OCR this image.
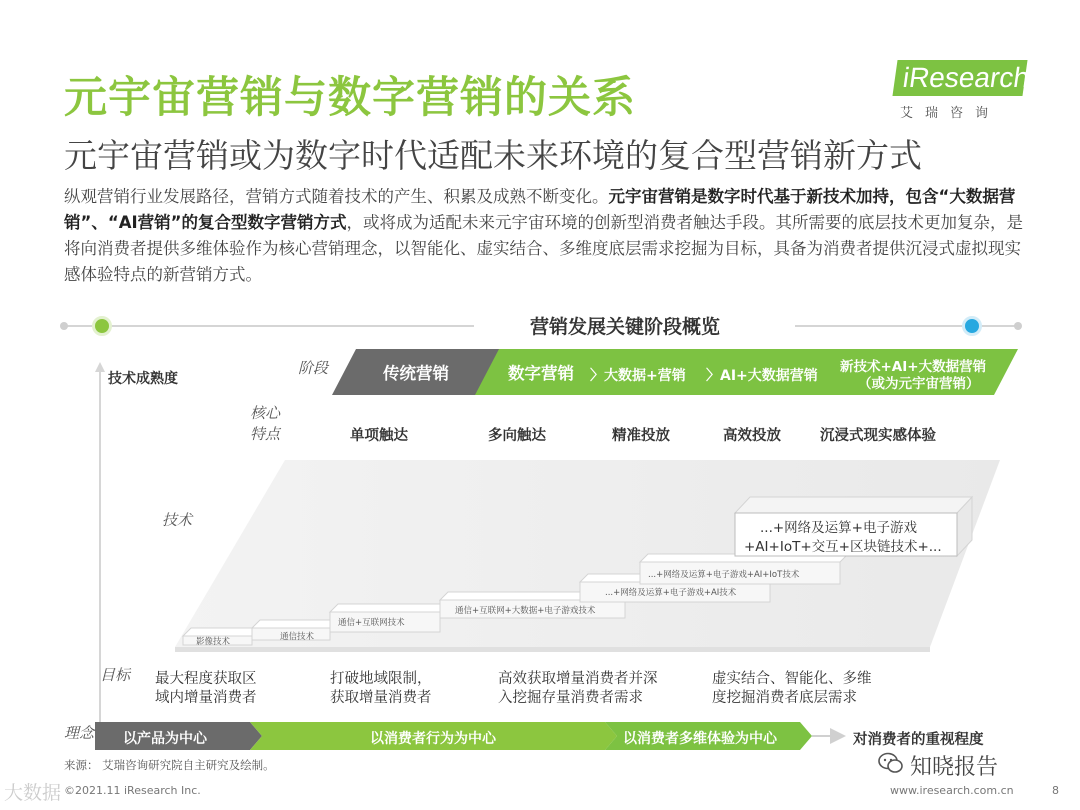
元宇宙营销与数字营销的关系
元宇宙营销或为数字时代适配未来环境的复合型营销新方式
iResearch
艾瑞咨询
纵观营销行业发展路径，营销方式随着技术的产生、积累及成熟不断变化。元宇宙营销是数字时代基于新技术加持，包含“大数据营销”、“AI营销”的复合型数字营销方式，或将成为适配未来元宇宙环境的创新型消费者触达手段。其所需要的底层技术更加复杂，是将向消费者提供多维体验作为核心营销理念，以智能化、虚实结合、多维度底层需求挖掘为目标，具备为消费者提供沉浸式虚拟现实感体验特点的新营销方式。
营销发展关键阶段概览
技术成熟度
对消费者的重视程度
阶段
核心
特点
技术
目标
理念
传统营销	数字营销 〉大数据+营销 〉AI+大数据营销
新技术+AI+大数据营销
（或为元宇宙营销）
单项触达	多向触达	精准投放	高效投放	沉浸式现实感体验
影像技术	通信技术
通信+互联网技术
通信+互联网+大数据+电子游戏技术
...+网络及运算+电子游戏+AI技术
...+网络及运算+电子游戏+AI+IoT技术
...+网络及运算+电子游戏
+AI+IoT+交互+区块链技术+...
最大程度获取区域内增量消费者
打破地域限制，获取增量消费者
高效获取增量消费者并深入挖掘存量消费者需求
虚实结合、智能化、多维度挖掘消费者底层需求
以产品为中心	以消费者行为为中心	以消费者多维体验为中心
来源： 艾瑞咨询研究院自主研究及绘制。
©2021.11 iResearch Inc.	www.iresearch.com.cn	8
知晓报告
大数据
